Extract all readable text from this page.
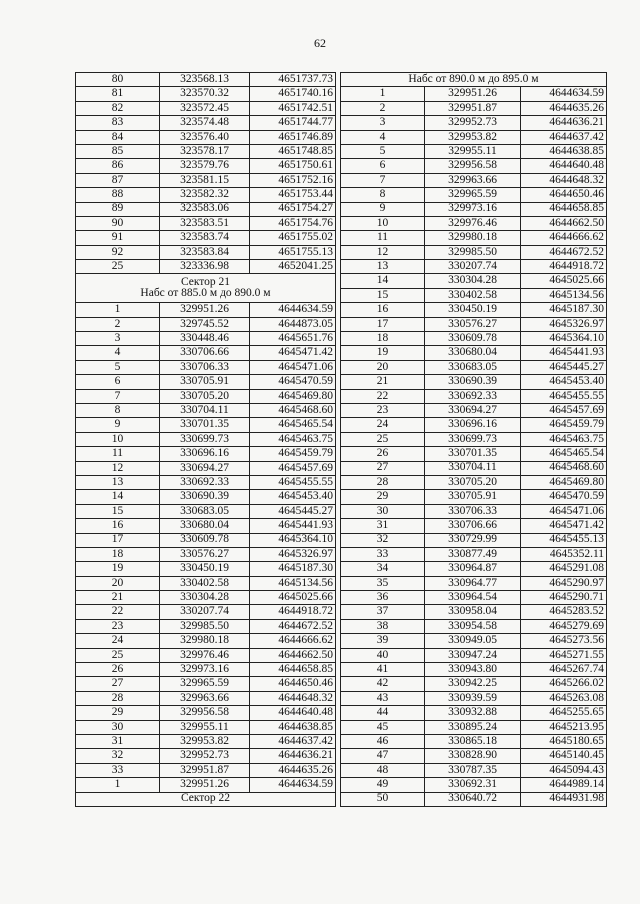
62
80	323568.13	4651737.73
81	323570.32	4651740.16
82	323572.45	4651742.51
83	323574.48	4651744.77
84	323576.40	4651746.89
85	323578.17	4651748.85
86	323579.76	4651750.61
87	323581.15	4651752.16
88	323582.32	4651753.44
89	323583.06	4651754.27
90	323583.51	4651754.76
91	323583.74	4651755.02
92	323583.84	4651755.13
25	323336.98	4652041.25

Сектор 21
Набс от 885.0 м до 890.0 м		

1	329951.26	4644634.59
2	329745.52	4644873.05
3	330448.46	4645651.76
4	330706.66	4645471.42
5	330706.33	4645471.06
6	330705.91	4645470.59
7	330705.20	4645469.80
8	330704.11	4645468.60
9	330701.35	4645465.54
10	330699.73	4645463.75
11	330696.16	4645459.79
12	330694.27	4645457.69
13	330692.33	4645455.55
14	330690.39	4645453.40
15	330683.05	4645445.27
16	330680.04	4645441.93
17	330609.78	4645364.10
18	330576.27	4645326.97
19	330450.19	4645187.30
20	330402.58	4645134.56
21	330304.28	4645025.66
22	330207.74	4644918.72
23	329985.50	4644672.52
24	329980.18	4644666.62
25	329976.46	4644662.50
26	329973.16	4644658.85
27	329965.59	4644650.46
28	329963.66	4644648.32
29	329956.58	4644640.48
30	329955.11	4644638.85
31	329953.82	4644637.42
32	329952.73	4644636.21
33	329951.87	4644635.26
1	329951.26	4644634.59
Сектор 22		
Набс от 890.0 м до 895.0 м		
1	329951.26	4644634.59
2	329951.87	4644635.26
3	329952.73	4644636.21
4	329953.82	4644637.42
5	329955.11	4644638.85
6	329956.58	4644640.48
7	329963.66	4644648.32
8	329965.59	4644650.46
9	329973.16	4644658.85
10	329976.46	4644662.50
11	329980.18	4644666.62
12	329985.50	4644672.52
13	330207.74	4644918.72
14	330304.28	4645025.66
15	330402.58	4645134.56
16	330450.19	4645187.30
17	330576.27	4645326.97
18	330609.78	4645364.10
19	330680.04	4645441.93
20	330683.05	4645445.27
21	330690.39	4645453.40
22	330692.33	4645455.55
23	330694.27	4645457.69
24	330696.16	4645459.79
25	330699.73	4645463.75
26	330701.35	4645465.54
27	330704.11	4645468.60
28	330705.20	4645469.80
29	330705.91	4645470.59
30	330706.33	4645471.06
31	330706.66	4645471.42
32	330729.99	4645455.13
33	330877.49	4645352.11
34	330964.87	4645291.08
35	330964.77	4645290.97
36	330964.54	4645290.71
37	330958.04	4645283.52
38	330954.58	4645279.69
39	330949.05	4645273.56
40	330947.24	4645271.55
41	330943.80	4645267.74
42	330942.25	4645266.02
43	330939.59	4645263.08
44	330932.88	4645255.65
45	330895.24	4645213.95
46	330865.18	4645180.65
47	330828.90	4645140.45
48	330787.35	4645094.43
49	330692.31	4644989.14
50	330640.72	4644931.98
